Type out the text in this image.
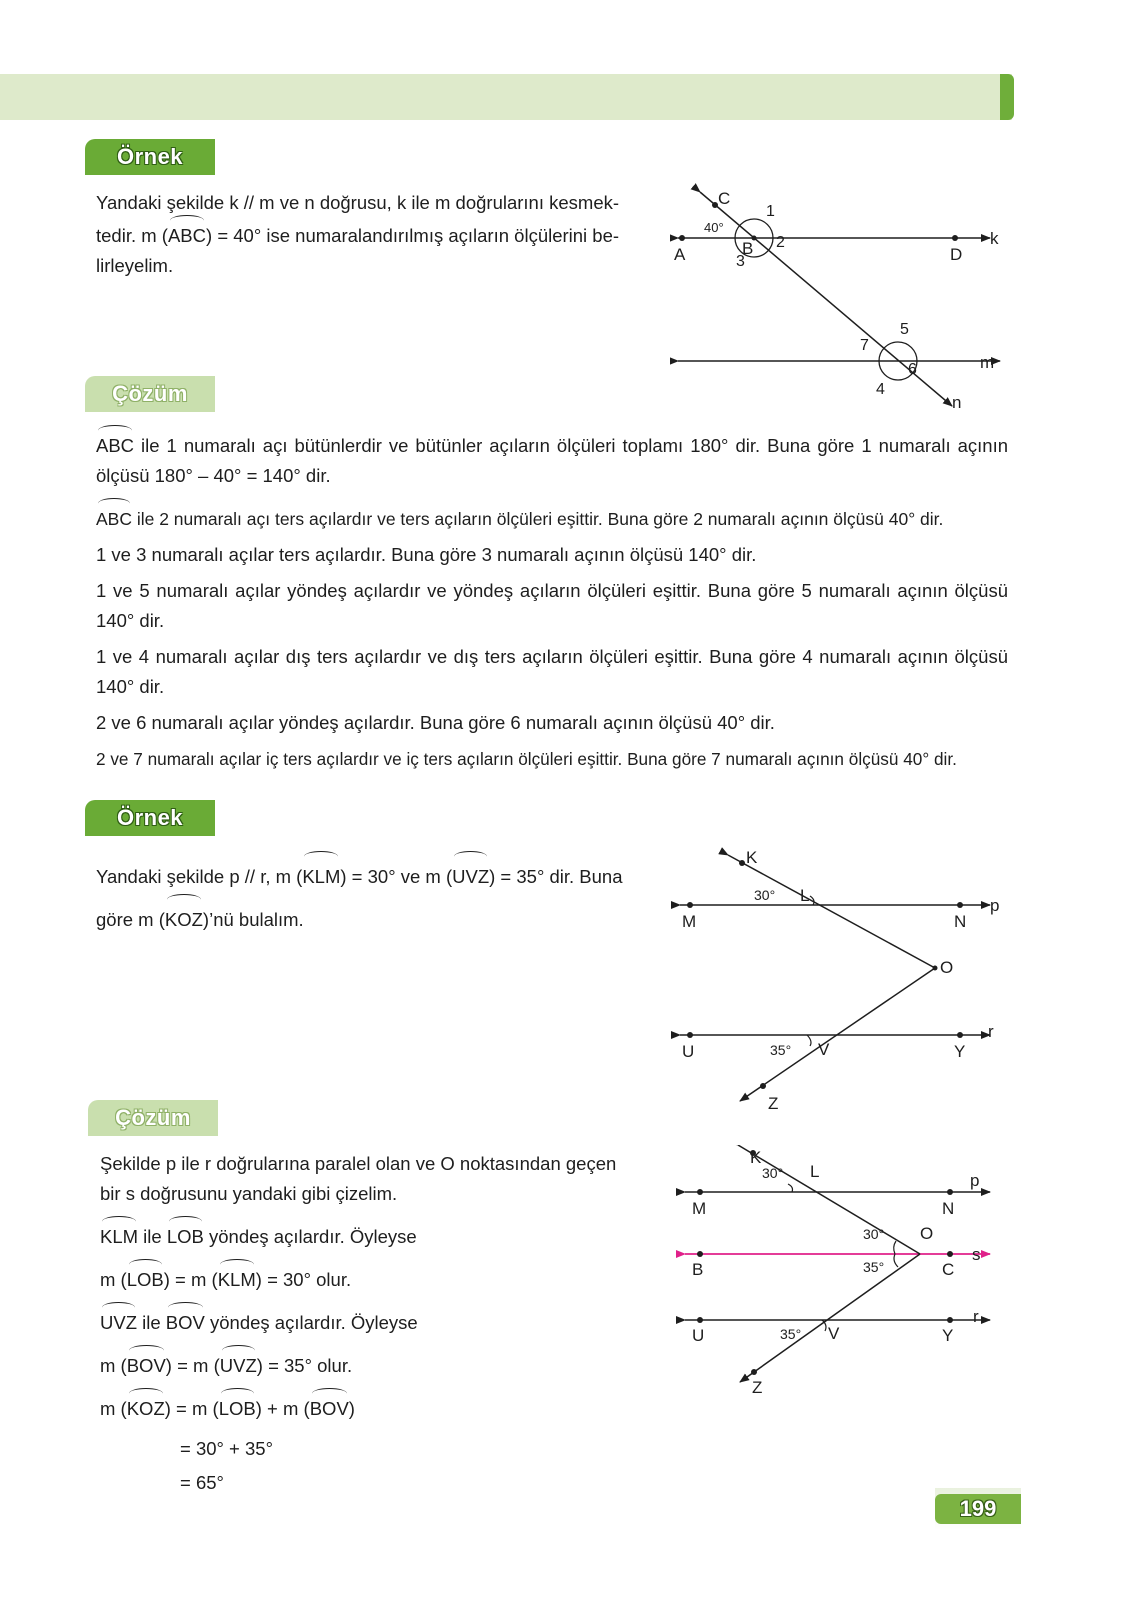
Örnek
Yandaki şekilde k // m ve n doğrusu, k ile m doğrularını kesmek-
tedir. m (ABC) = 40° ise numaralandırılmış açıların ölçülerini be-
lirleyelim.
C
A	B	D
k
m
n
1
2
3
4
5
6
7
40°
Çözüm
ABC ile 1 numaralı açı bütünlerdir ve bütünler açıların ölçüleri toplamı 180° dir. Buna göre 1 numaralı açının ölçüsü 180° – 40° = 140° dir.
ABC ile 2 numaralı açı ters açılardır ve ters açıların ölçüleri eşittir. Buna göre 2 numaralı açının ölçüsü 40° dir.
1 ve 3 numaralı açılar ters açılardır. Buna göre 3 numaralı açının ölçüsü 140° dir.
1 ve 5 numaralı açılar yöndeş açılardır ve yöndeş açıların ölçüleri eşittir. Buna göre 5 numaralı açının ölçüsü 140° dir.
1 ve 4 numaralı açılar dış ters açılardır ve dış ters açıların ölçüleri eşittir. Buna göre 4 numaralı açının ölçüsü 140° dir.
2 ve 6 numaralı açılar yöndeş açılardır. Buna göre 6 numaralı açının ölçüsü 40° dir.
2 ve 7 numaralı açılar iç ters açılardır ve iç ters açıların ölçüleri eşittir. Buna göre 7 numaralı açının ölçüsü 40° dir.
Örnek
Yandaki şekilde p // r, m (KLM) = 30° ve m (UVZ) = 35° dir. Buna
göre m (KOZ)’nü bulalım.
K
L
30°
M	N
p
O
U	V
35°	Y
r
Z
Çözüm
Şekilde p ile r doğrularına paralel olan ve O noktasından geçen
bir s doğrusunu yandaki gibi çizelim.
KLM ile LOB yöndeş açılardır. Öyleyse
m (LOB) = m (KLM) = 30° olur.
UVZ ile BOV yöndeş açılardır. Öyleyse
m (BOV) = m (UVZ) = 35° olur.
m (KOZ) = m (LOB) + m (BOV)
= 30° + 35°
= 65°
K
L
30°
M	N
p
O
30°
35°
B	C
s
U	V
35°	Y
r
Z
199
